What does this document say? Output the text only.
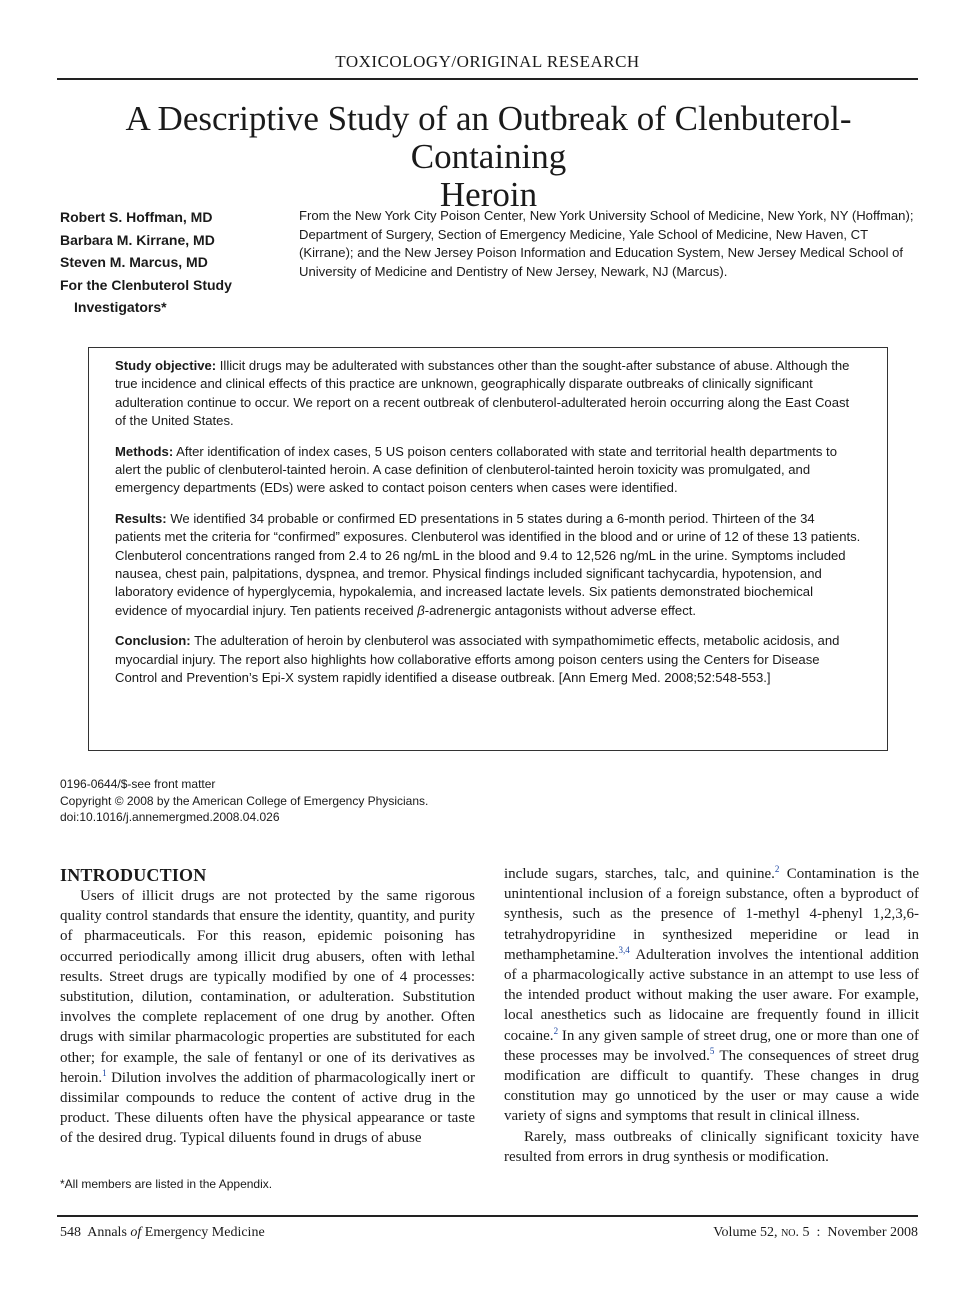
TOXICOLOGY/ORIGINAL RESEARCH
A Descriptive Study of an Outbreak of Clenbuterol-Containing
Heroin
Robert S. Hoffman, MD
Barbara M. Kirrane, MD
Steven M. Marcus, MD
For the Clenbuterol Study
Investigators*
From the New York City Poison Center, New York University School of Medicine, New York, NY (Hoffman); Department of Surgery, Section of Emergency Medicine, Yale School of Medicine, New Haven, CT (Kirrane); and the New Jersey Poison Information and Education System, New Jersey Medical School of University of Medicine and Dentistry of New Jersey, Newark, NJ (Marcus).

Study objective: Illicit drugs may be adulterated with substances other than the sought-after substance of abuse. Although the true incidence and clinical effects of this practice are unknown, geographically disparate outbreaks of clinically significant adulteration continue to occur. We report on a recent outbreak of clenbuterol-adulterated heroin occurring along the East Coast of the United States.

Methods: After identification of index cases, 5 US poison centers collaborated with state and territorial health departments to alert the public of clenbuterol-tainted heroin. A case definition of clenbuterol-tainted heroin toxicity was promulgated, and emergency departments (EDs) were asked to contact poison centers when cases were identified.

Results: We identified 34 probable or confirmed ED presentations in 5 states during a 6-month period. Thirteen of the 34 patients met the criteria for “confirmed” exposures. Clenbuterol was identified in the blood and or urine of 12 of these 13 patients. Clenbuterol concentrations ranged from 2.4 to 26 ng/mL in the blood and 9.4 to 12,526 ng/mL in the urine. Symptoms included nausea, chest pain, palpitations, dyspnea, and tremor. Physical findings included significant tachycardia, hypotension, and laboratory evidence of hyperglycemia, hypokalemia, and increased lactate levels. Six patients demonstrated biochemical evidence of myocardial injury. Ten patients received β-adrenergic antagonists without adverse effect.

Conclusion: The adulteration of heroin by clenbuterol was associated with sympathomimetic effects, metabolic acidosis, and myocardial injury. The report also highlights how collaborative efforts among poison centers using the Centers for Disease Control and Prevention’s Epi-X system rapidly identified a disease outbreak. [Ann Emerg Med. 2008;52:548-553.]

0196-0644/$-see front matter
Copyright © 2008 by the American College of Emergency Physicians.
doi:10.1016/j.annemergmed.2008.04.026
INTRODUCTION

Users of illicit drugs are not protected by the same rigorous quality control standards that ensure the identity, quantity, and purity of pharmaceuticals. For this reason, epidemic poisoning has occurred periodically among illicit drug abusers, often with lethal results. Street drugs are typically modified by one of 4 processes: substitution, dilution, contamination, or adulteration. Substitution involves the complete replacement of one drug by another. Often drugs with similar pharmacologic properties are substituted for each other; for example, the sale of fentanyl or one of its derivatives as heroin.$^1$ Dilution involves the addition of pharmacologically inert or dissimilar compounds to reduce the content of active drug in the product. These diluents often have the physical appearance or taste of the desired drug. Typical diluents found in drugs of abuse

include sugars, starches, talc, and quinine.$^2$ Contamination is the unintentional inclusion of a foreign substance, often a byproduct of synthesis, such as the presence of 1-methyl 4-phenyl 1,2,3,6-tetrahydropyridine in synthesized meperidine or lead in methamphetamine.$^{3,4}$ Adulteration involves the intentional addition of a pharmacologically active substance in an attempt to use less of the intended product without making the user aware. For example, local anesthetics such as lidocaine are frequently found in illicit cocaine.$^2$ In any given sample of street drug, one or more than one of these processes may be involved.$^5$ The consequences of street drug modification are difficult to quantify. These changes in drug constitution may go unnoticed by the user or may cause a wide variety of signs and symptoms that result in clinical illness.

Rarely, mass outbreaks of clinically significant toxicity have resulted from errors in drug synthesis or modification.

*All members are listed in the Appendix.
548 Annals of Emergency Medicine	Volume 52, no. 5 : November 2008
